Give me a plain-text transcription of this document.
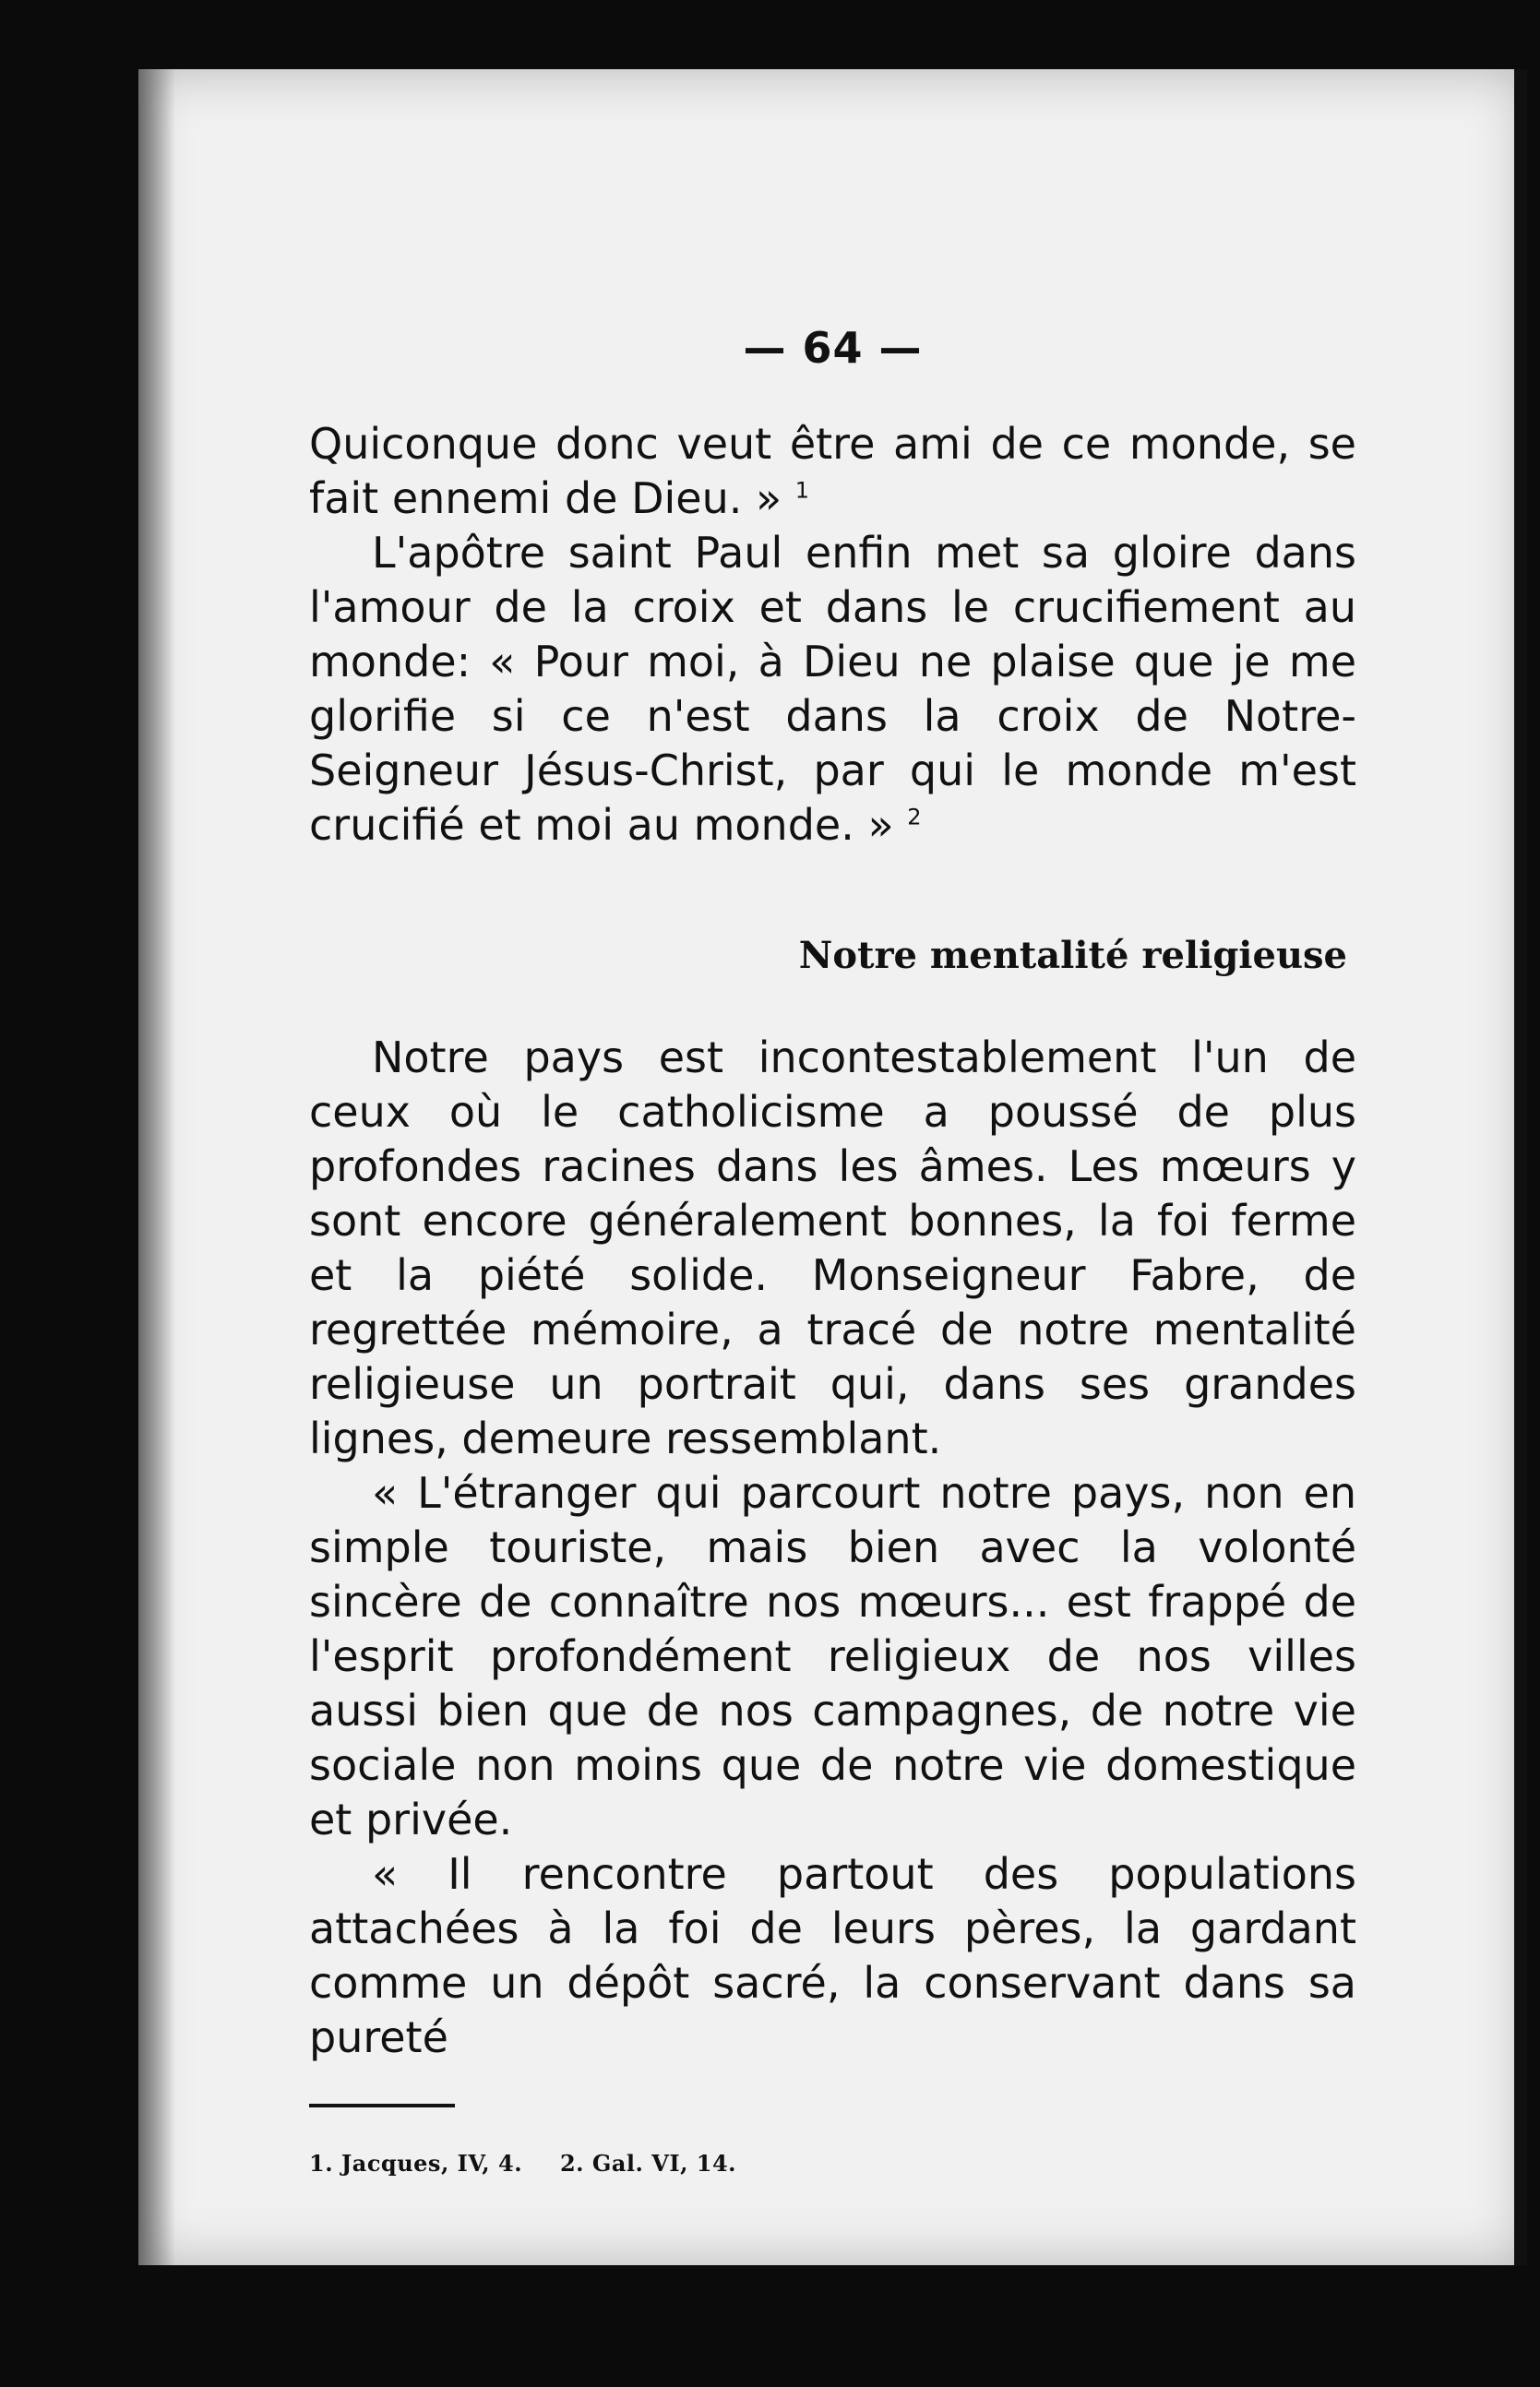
— 64 —

Quiconque donc veut être ami de ce monde, se fait ennemi de Dieu. » $^1$

L'apôtre saint Paul enfin met sa gloire dans l'amour de la croix et dans le crucifiement au monde: « Pour moi, à Dieu ne plaise que je me glorifie si ce n'est dans la croix de Notre-Seigneur Jésus-Christ, par qui le monde m'est crucifié et moi au monde. » $^2$

Notre mentalité religieuse

Notre pays est incontestablement l'un de ceux où le catholicisme a poussé de plus profondes racines dans les âmes. Les mœurs y sont encore généralement bonnes, la foi ferme et la piété solide. Monseigneur Fabre, de regrettée mémoire, a tracé de notre mentalité religieuse un portrait qui, dans ses grandes lignes, demeure ressemblant.

« L'étranger qui parcourt notre pays, non en simple touriste, mais bien avec la volonté sincère de connaître nos mœurs... est frappé de l'esprit profondément religieux de nos villes aussi bien que de nos campagnes, de notre vie sociale non moins que de notre vie domestique et privée.

« Il rencontre partout des populations attachées à la foi de leurs pères, la gardant comme un dépôt sacré, la conservant dans sa pureté

1. Jacques, IV, 4. 2. Gal. VI, 14.
